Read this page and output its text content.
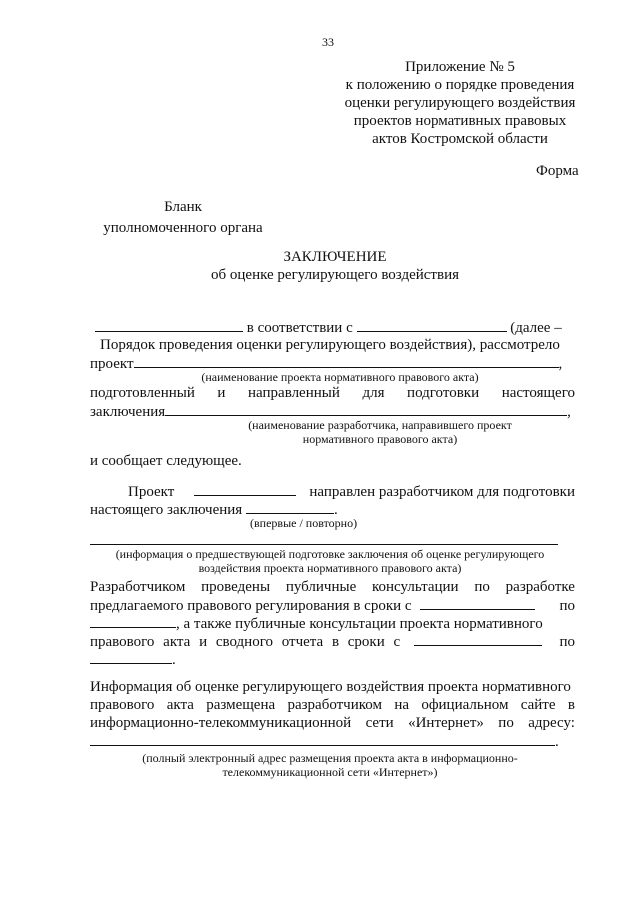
33
Приложение № 5
к положению о порядке проведения
оценки регулирующего воздействия
проектов нормативных правовых
актов Костромской области
Форма
Бланк
уполномоченного органа
ЗАКЛЮЧЕНИЕ
об оценке регулирующего воздействия
в соответствии с	(далее –
Порядок проведения оценки регулирующего воздействия), рассмотрело
проект	,
(наименование проекта нормативного правового акта)
подготовленный и направленный для подготовки настоящего
заключения	,
(наименование разработчика, направившего проект
нормативного правового акта)
и сообщает следующее.
Проект	направлен разработчиком для подготовки
настоящего заключения	.
(впервые / повторно)
(информация о предшествующей подготовке заключения об оценке регулирующего
воздействия проекта нормативного правового акта)
Разработчиком проведены публичные консультации по разработке
предлагаемого правового регулирования в сроки с	по
, а также публичные консультации проекта нормативного
правового акта и сводного отчета в сроки с	по
.
Информация об оценке регулирующего воздействия проекта нормативного
правового акта размещена разработчиком на официальном сайте в
информационно-телекоммуникационной сети «Интернет» по адресу:
.
(полный электронный адрес размещения проекта акта в информационно-
телекоммуникационной сети «Интернет»)
